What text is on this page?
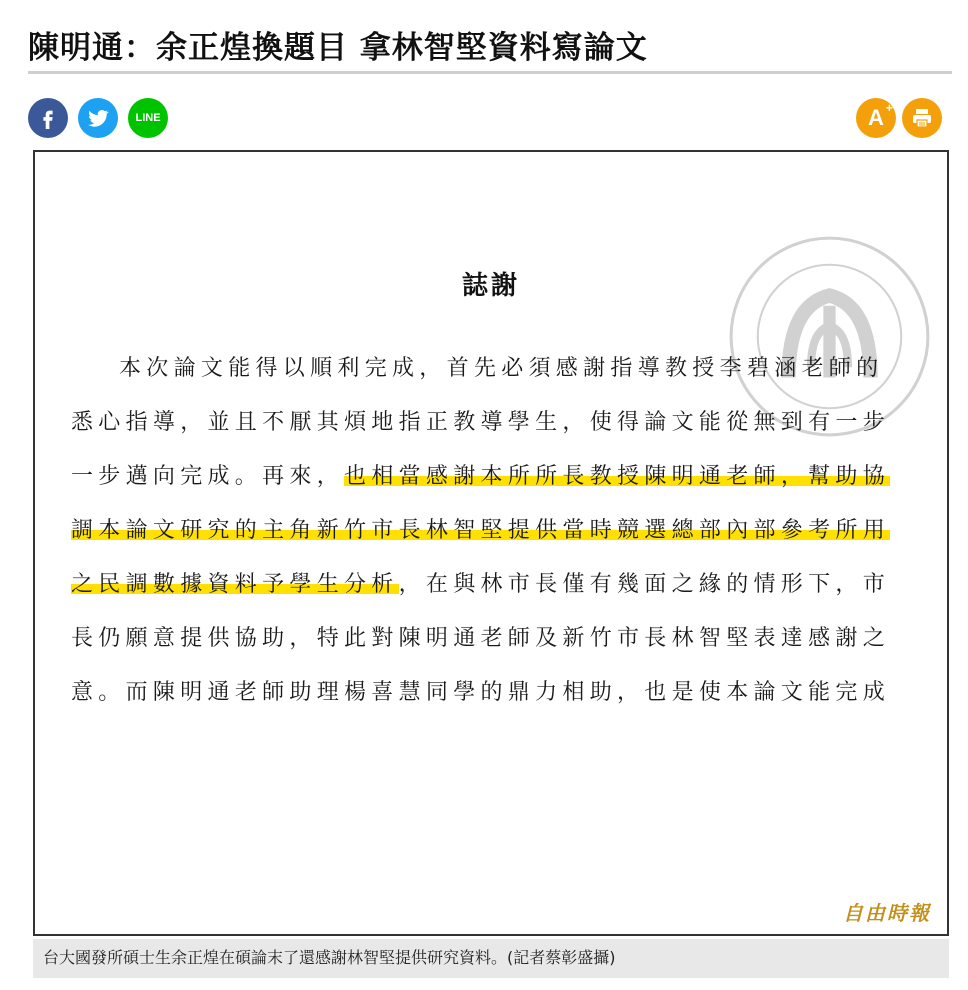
陳明通：余正煌換題目 拿林智堅資料寫論文
LINE	A +
誌謝
本次論文能得以順利完成，首先必須感謝指導教授李碧涵老師的
悉心指導，並且不厭其煩地指正教導學生，使得論文能從無到有一步
一步邁向完成。再來，也相當感謝本所所長教授陳明通老師，幫助協
調本論文研究的主角新竹市長林智堅提供當時競選總部內部參考所用
之民調數據資料予學生分析，在與林市長僅有幾面之緣的情形下，市
長仍願意提供協助，特此對陳明通老師及新竹市長林智堅表達感謝之
意。而陳明通老師助理楊喜慧同學的鼎力相助，也是使本論文能完成
自由時報
台大國發所碩士生余正煌在碩論末了還感謝林智堅提供研究資料。(記者蔡彰盛攝)
